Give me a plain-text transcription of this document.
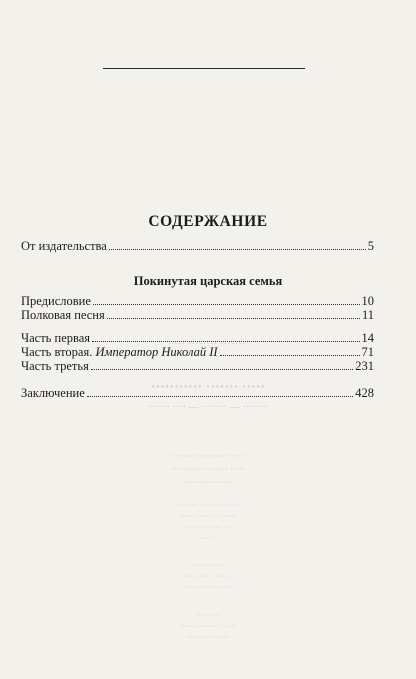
···· ········ ·······
··········· ······· ·····
······· ···· — ········ — ········
········ ·········· ·····
·········· ········ ·····
·········· ·····
········ · ····· ··· ····
······ ···· ··· ······
········ ····· ···
···· ···
···· ··········
···· ······ ···· ···
····· ········ ····
·········
······ ······· ···· ··
········ ·······
СОДЕРЖАНИЕ
От издательства	5
Покинутая царская семья
Предисловие	10
Полковая песня	11
Часть первая	14
Часть вторая. Император Николай II	71
Часть третья	231
Заключение	428
